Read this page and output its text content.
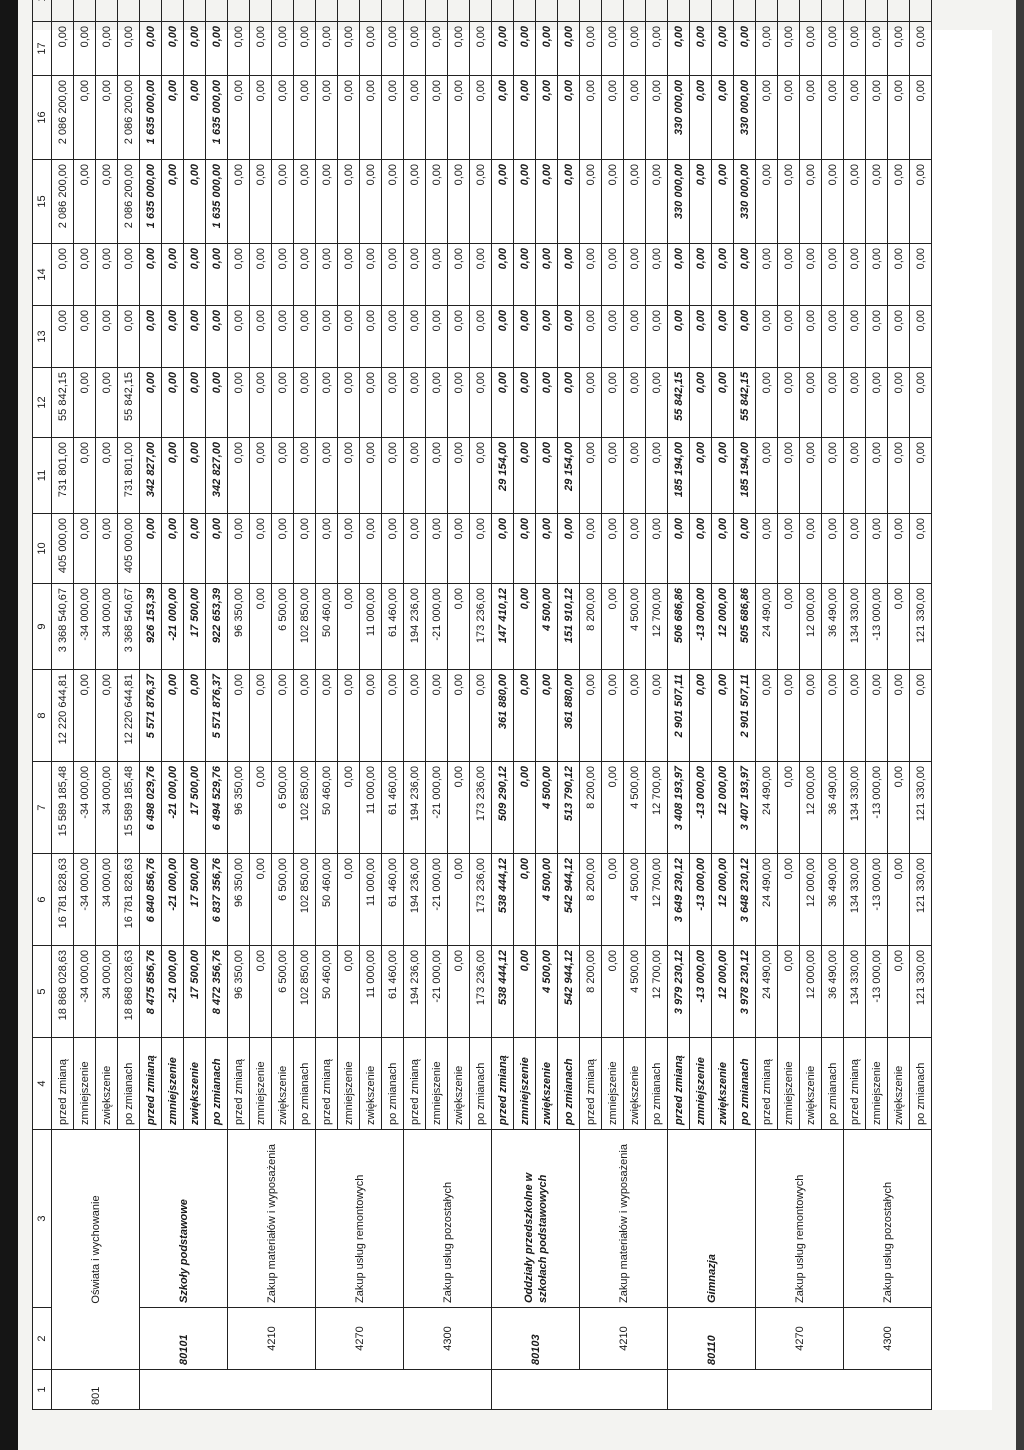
1	2	3	4	5	6	7	8	9	10	11	12	13	14	15	16	17	
801	Oświata i wychowanie		przed zmianą	18 868 028,63	16 781 828,63	15 589 185,48	12 220 644,81	3 368 540,67	405 000,00	731 801,00	55 842,15	0,00	0,00	2 086 200,00	2 086 200,00	0,00	
			zmniejszenie	-34 000,00	-34 000,00	-34 000,00	0,00	-34 000,00	0,00	0,00	0,00	0,00	0,00	0,00	0,00	0,00	
			zwiększenie	34 000,00	34 000,00	34 000,00	0,00	34 000,00	0,00	0,00	0,00	0,00	0,00	0,00	0,00	0,00	
			po zmianach	18 868 028,63	16 781 828,63	15 589 185,48	12 220 644,81	3 368 540,67	405 000,00	731 801,00	55 842,15	0,00	0,00	2 086 200,00	2 086 200,00	0,00	
	80101	Szkoły podstawowe	przed zmianą	8 475 856,76	6 840 856,76	6 498 029,76	5 571 876,37	926 153,39	0,00	342 827,00	0,00	0,00	0,00	1 635 000,00	1 635 000,00	0,00	
			zmniejszenie	-21 000,00	-21 000,00	-21 000,00	0,00	-21 000,00	0,00	0,00	0,00	0,00	0,00	0,00	0,00	0,00	
			zwiększenie	17 500,00	17 500,00	17 500,00	0,00	17 500,00	0,00	0,00	0,00	0,00	0,00	0,00	0,00	0,00	
			po zmianach	8 472 356,76	6 837 356,76	6 494 529,76	5 571 876,37	922 653,39	0,00	342 827,00	0,00	0,00	0,00	1 635 000,00	1 635 000,00	0,00	
	4210	Zakup materiałów i wyposażenia	przed zmianą	96 350,00	96 350,00	96 350,00	0,00	96 350,00	0,00	0,00	0,00	0,00	0,00	0,00	0,00	0,00	
			zmniejszenie	0,00	0,00	0,00	0,00	0,00	0,00	0,00	0,00	0,00	0,00	0,00	0,00	0,00	
			zwiększenie	6 500,00	6 500,00	6 500,00	0,00	6 500,00	0,00	0,00	0,00	0,00	0,00	0,00	0,00	0,00	
			po zmianach	102 850,00	102 850,00	102 850,00	0,00	102 850,00	0,00	0,00	0,00	0,00	0,00	0,00	0,00	0,00	
	4270	Zakup usług remontowych	przed zmianą	50 460,00	50 460,00	50 460,00	0,00	50 460,00	0,00	0,00	0,00	0,00	0,00	0,00	0,00	0,00	
			zmniejszenie	0,00	0,00	0,00	0,00	0,00	0,00	0,00	0,00	0,00	0,00	0,00	0,00	0,00	
			zwiększenie	11 000,00	11 000,00	11 000,00	0,00	11 000,00	0,00	0,00	0,00	0,00	0,00	0,00	0,00	0,00	
			po zmianach	61 460,00	61 460,00	61 460,00	0,00	61 460,00	0,00	0,00	0,00	0,00	0,00	0,00	0,00	0,00	
	4300	Zakup usług pozostałych	przed zmianą	194 236,00	194 236,00	194 236,00	0,00	194 236,00	0,00	0,00	0,00	0,00	0,00	0,00	0,00	0,00	
			zmniejszenie	-21 000,00	-21 000,00	-21 000,00	0,00	-21 000,00	0,00	0,00	0,00	0,00	0,00	0,00	0,00	0,00	
			zwiększenie	0,00	0,00	0,00	0,00	0,00	0,00	0,00	0,00	0,00	0,00	0,00	0,00	0,00	
			po zmianach	173 236,00	173 236,00	173 236,00	0,00	173 236,00	0,00	0,00	0,00	0,00	0,00	0,00	0,00	0,00	
	80103	Oddziały przedszkolne w szkołach podstawowych	przed zmianą	538 444,12	538 444,12	509 290,12	361 880,00	147 410,12	0,00	29 154,00	0,00	0,00	0,00	0,00	0,00	0,00	
			zmniejszenie	0,00	0,00	0,00	0,00	0,00	0,00	0,00	0,00	0,00	0,00	0,00	0,00	0,00	
			zwiększenie	4 500,00	4 500,00	4 500,00	0,00	4 500,00	0,00	0,00	0,00	0,00	0,00	0,00	0,00	0,00	
			po zmianach	542 944,12	542 944,12	513 790,12	361 880,00	151 910,12	0,00	29 154,00	0,00	0,00	0,00	0,00	0,00	0,00	
	4210	Zakup materiałów i wyposażenia	przed zmianą	8 200,00	8 200,00	8 200,00	0,00	8 200,00	0,00	0,00	0,00	0,00	0,00	0,00	0,00	0,00	
			zmniejszenie	0,00	0,00	0,00	0,00	0,00	0,00	0,00	0,00	0,00	0,00	0,00	0,00	0,00	
			zwiększenie	4 500,00	4 500,00	4 500,00	0,00	4 500,00	0,00	0,00	0,00	0,00	0,00	0,00	0,00	0,00	
			po zmianach	12 700,00	12 700,00	12 700,00	0,00	12 700,00	0,00	0,00	0,00	0,00	0,00	0,00	0,00	0,00	
	80110	Gimnazja	przed zmianą	3 979 230,12	3 649 230,12	3 408 193,97	2 901 507,11	506 686,86	0,00	185 194,00	55 842,15	0,00	0,00	330 000,00	330 000,00	0,00	
			zmniejszenie	-13 000,00	-13 000,00	-13 000,00	0,00	-13 000,00	0,00	0,00	0,00	0,00	0,00	0,00	0,00	0,00	
			zwiększenie	12 000,00	12 000,00	12 000,00	0,00	12 000,00	0,00	0,00	0,00	0,00	0,00	0,00	0,00	0,00	
			po zmianach	3 978 230,12	3 648 230,12	3 407 193,97	2 901 507,11	505 686,86	0,00	185 194,00	55 842,15	0,00	0,00	330 000,00	330 000,00	0,00	
	4270	Zakup usług remontowych	przed zmianą	24 490,00	24 490,00	24 490,00	0,00	24 490,00	0,00	0,00	0,00	0,00	0,00	0,00	0,00	0,00	
			zmniejszenie	0,00	0,00	0,00	0,00	0,00	0,00	0,00	0,00	0,00	0,00	0,00	0,00	0,00	
			zwiększenie	12 000,00	12 000,00	12 000,00	0,00	12 000,00	0,00	0,00	0,00	0,00	0,00	0,00	0,00	0,00	
			po zmianach	36 490,00	36 490,00	36 490,00	0,00	36 490,00	0,00	0,00	0,00	0,00	0,00	0,00	0,00	0,00	
	4300	Zakup usług pozostałych	przed zmianą	134 330,00	134 330,00	134 330,00	0,00	134 330,00	0,00	0,00	0,00	0,00	0,00	0,00	0,00	0,00	
			zmniejszenie	-13 000,00	-13 000,00	-13 000,00	0,00	-13 000,00	0,00	0,00	0,00	0,00	0,00	0,00	0,00	0,00	
			zwiększenie	0,00	0,00	0,00	0,00	0,00	0,00	0,00	0,00	0,00	0,00	0,00	0,00	0,00	
			po zmianach	121 330,00	121 330,00	121 330,00	0,00	121 330,00	0,00	0,00	0,00	0,00	0,00	0,00	0,00	0,00	
